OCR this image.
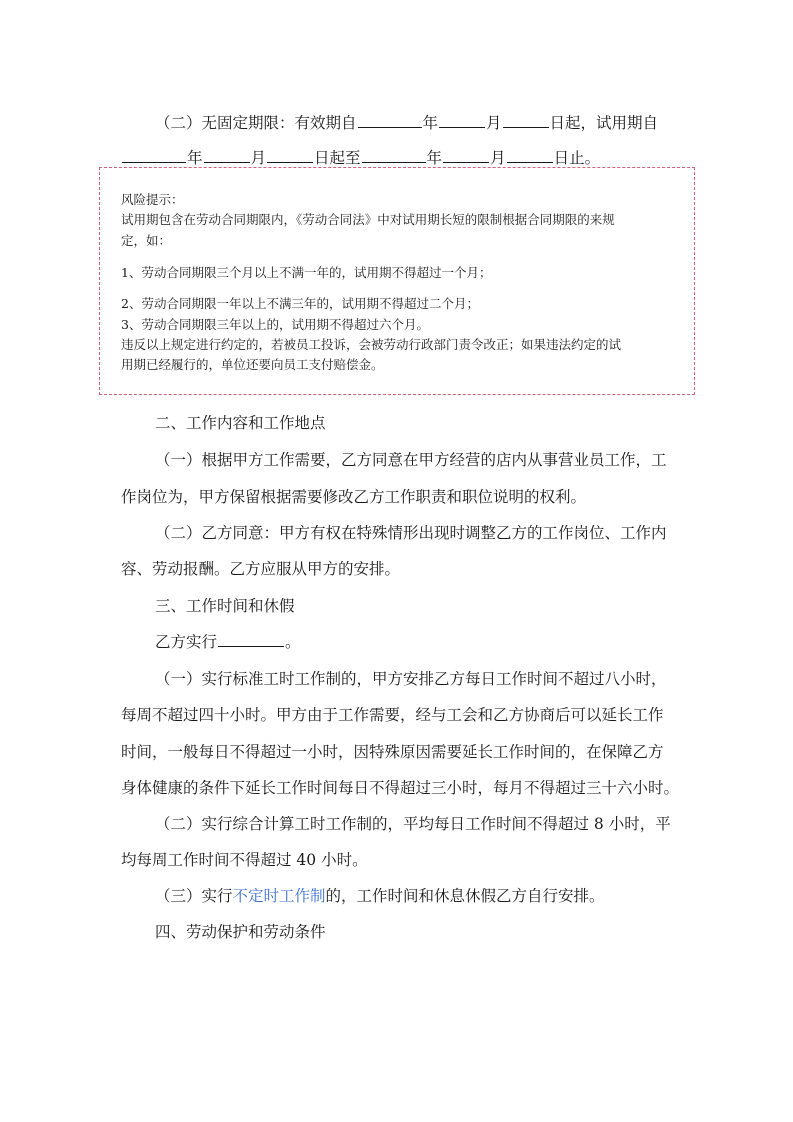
（二）无固定期限：有效期自	年	月	日起，试用期自
年	月	日起至	年	月	日止。
风险提示：
试用期包含在劳动合同期限内，《劳动合同法》中对试用期长短的限制根据合同期限的来规
定，如：
1、劳动合同期限三个月以上不满一年的，试用期不得超过一个月；
2、劳动合同期限一年以上不满三年的，试用期不得超过二个月；
3、劳动合同期限三年以上的，试用期不得超过六个月。
违反以上规定进行约定的，若被员工投诉，会被劳动行政部门责令改正；如果违法约定的试
用期已经履行的，单位还要向员工支付赔偿金。
二、工作内容和工作地点
（一）根据甲方工作需要，乙方同意在甲方经营的店内从事营业员工作，工
作岗位为，甲方保留根据需要修改乙方工作职责和职位说明的权利。
（二）乙方同意：甲方有权在特殊情形出现时调整乙方的工作岗位、工作内
容、劳动报酬。乙方应服从甲方的安排。
三、工作时间和休假
乙方实行	。
（一）实行标准工时工作制的，甲方安排乙方每日工作时间不超过八小时，
每周不超过四十小时。甲方由于工作需要，经与工会和乙方协商后可以延长工作
时间，一般每日不得超过一小时，因特殊原因需要延长工作时间的，在保障乙方
身体健康的条件下延长工作时间每日不得超过三小时，每月不得超过三十六小时。
（二）实行综合计算工时工作制的，平均每日工作时间不得超过 8 小时，平
均每周工作时间不得超过 40 小时。
（三）实行不定时工作制的，工作时间和休息休假乙方自行安排。
四、劳动保护和劳动条件
